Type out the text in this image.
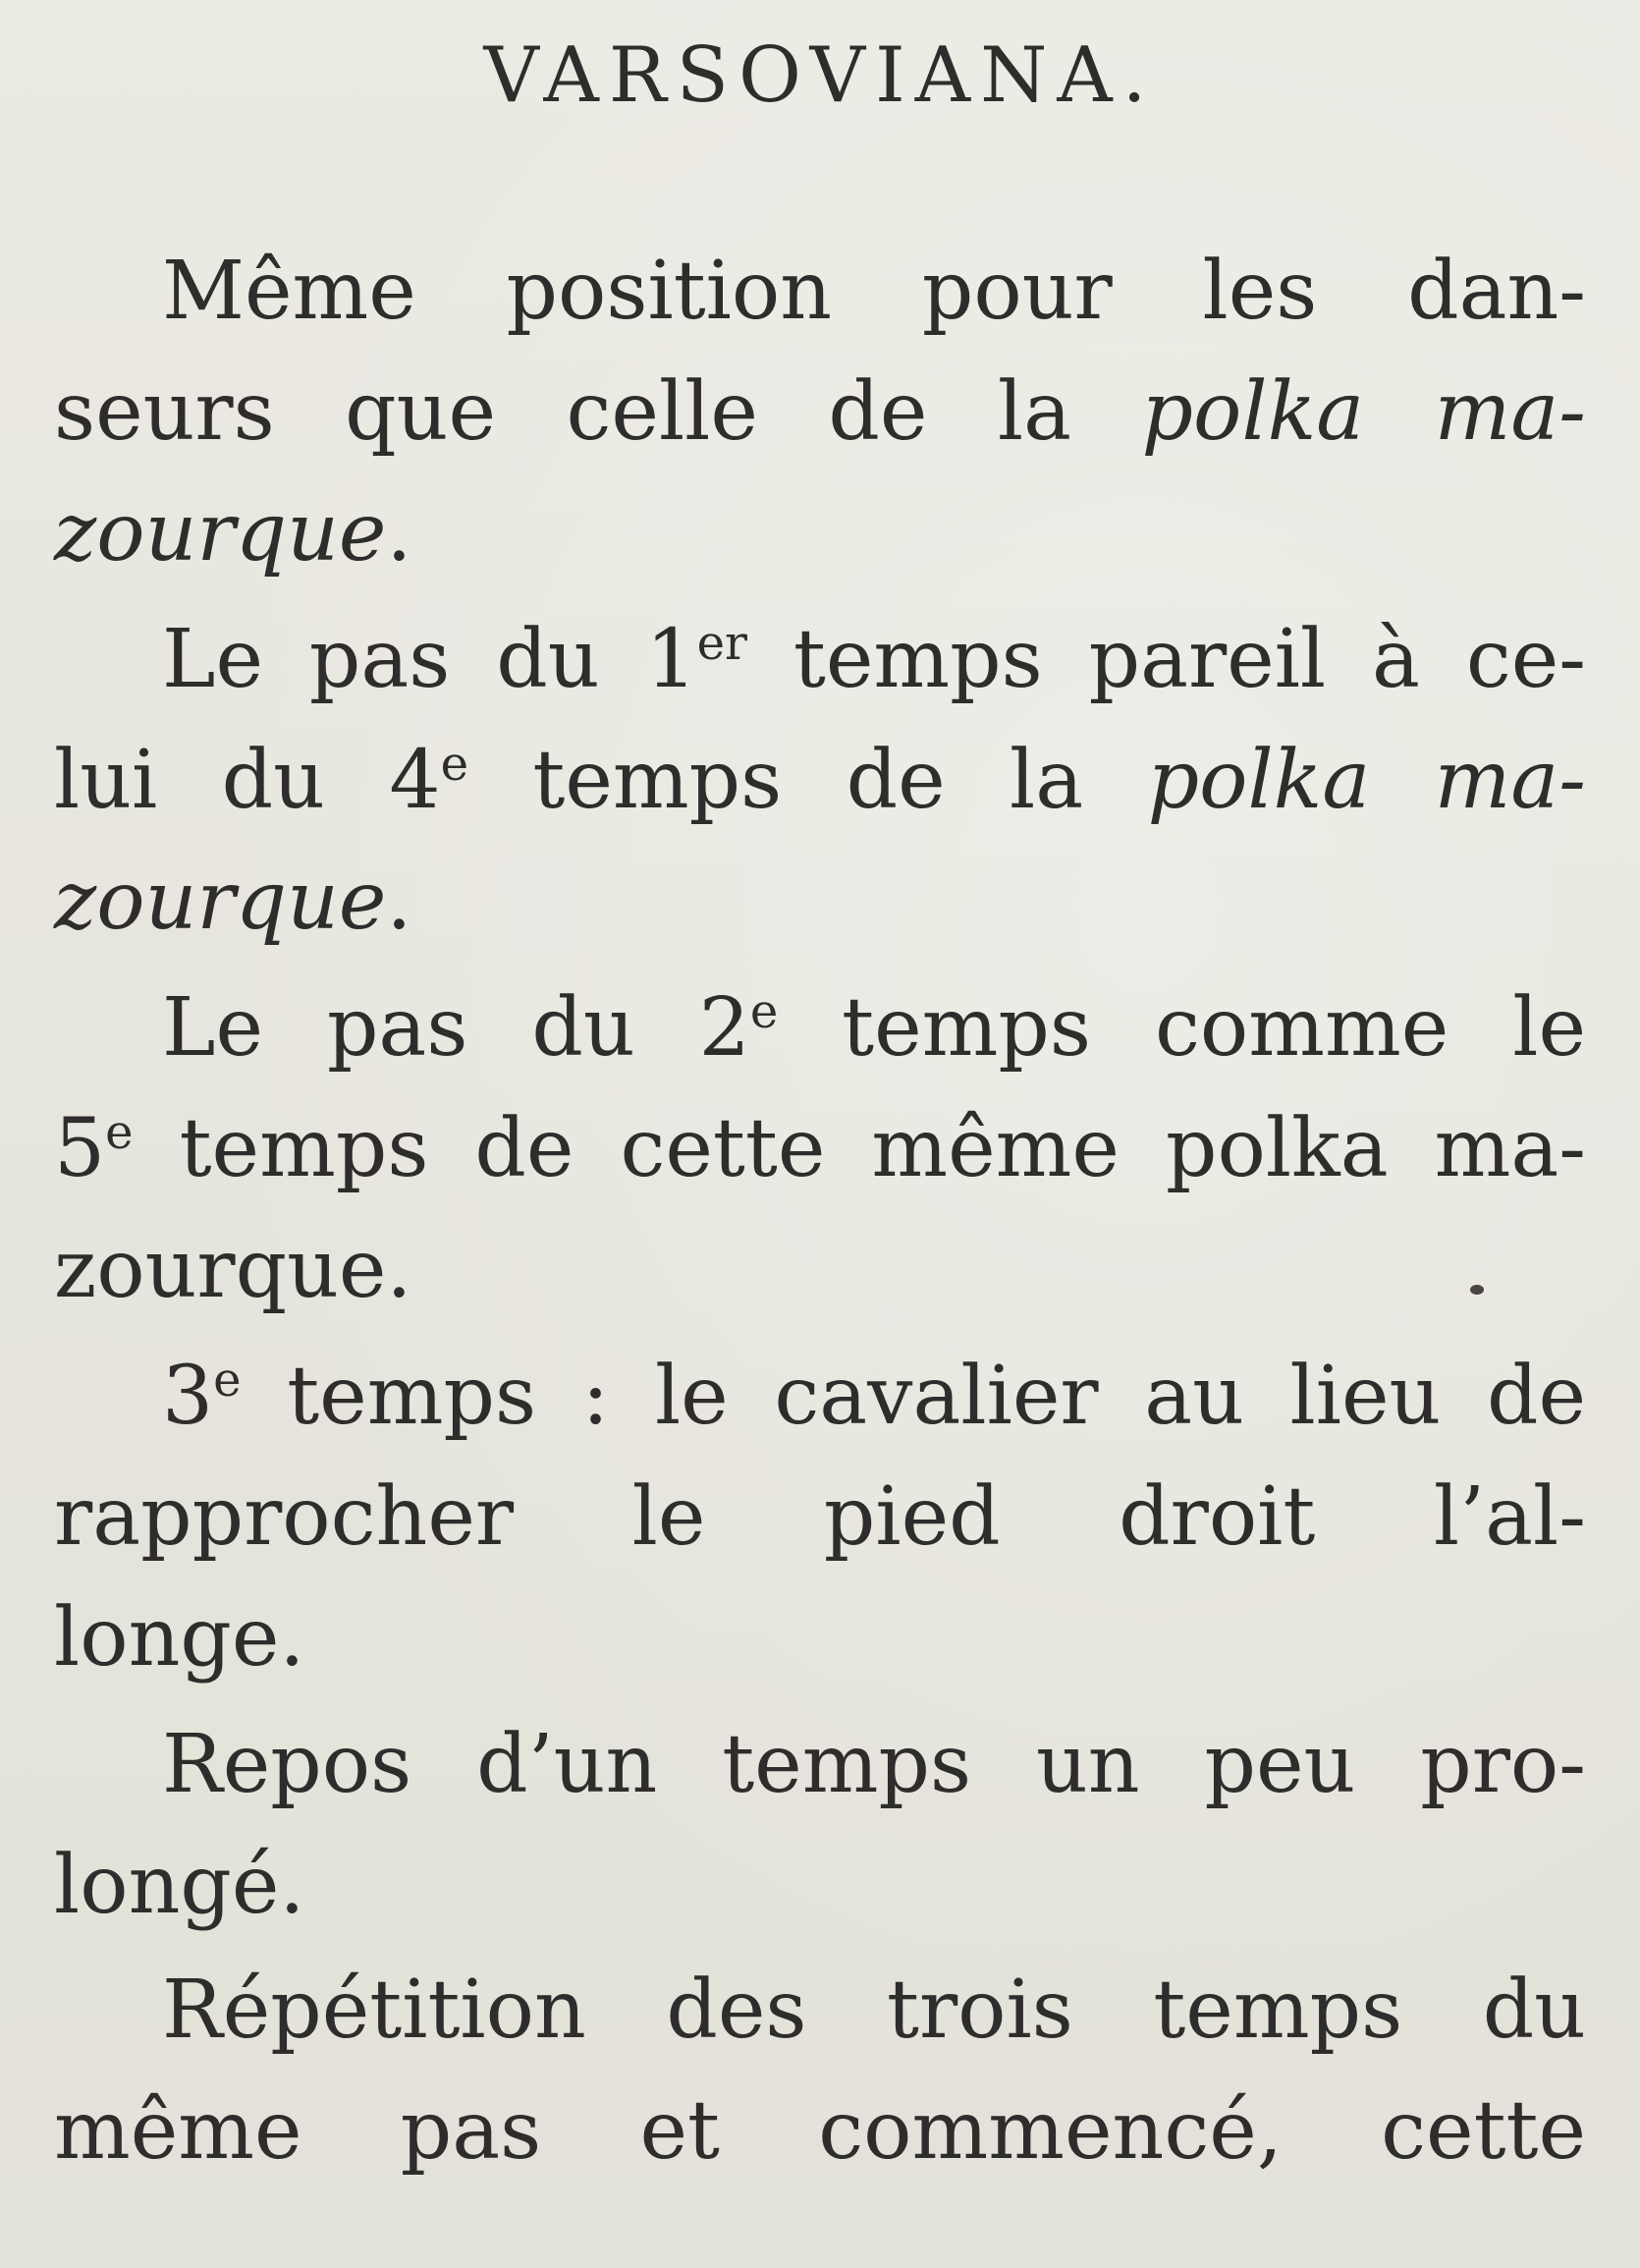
VARSOVIANA.

Même position pour les dan-
seurs que celle de la polka ma-
zourque.

Le pas du 1er temps pareil à ce-
lui du 4e temps de la polka ma-
zourque.

Le pas du 2e temps comme le
5e temps de cette même polka ma-
zourque.

3e temps : le cavalier au lieu de
rapprocher le pied droit l’al-
longe.

Repos d’un temps un peu pro-
longé.

Répétition des trois temps du
même pas et commencé, cette
